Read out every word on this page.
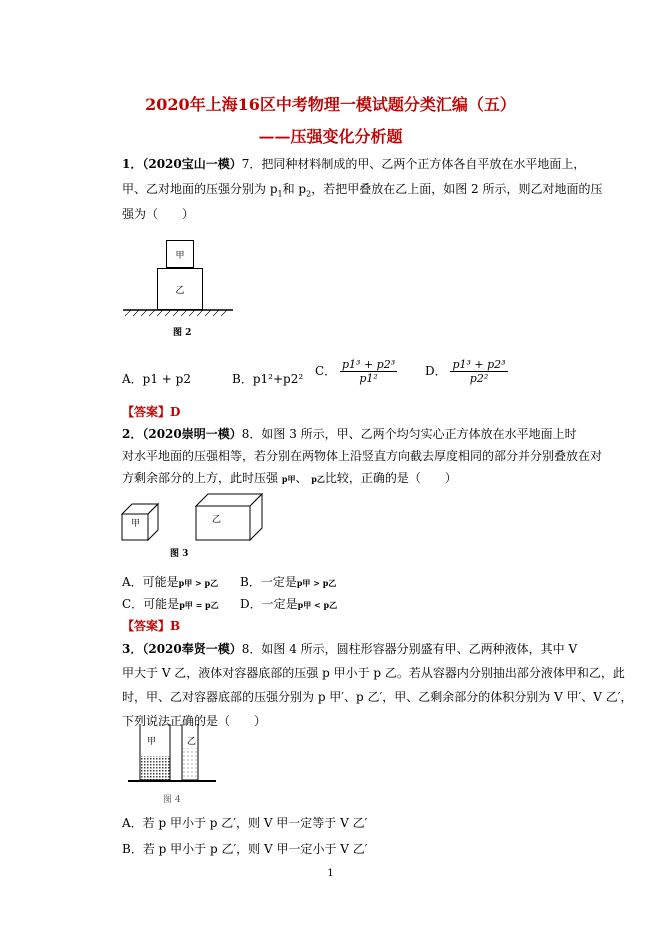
2020年上海16区中考物理一模试题分类汇编（五）
——压强变化分析题
1．（2020宝山一模）7．把同种材料制成的甲、乙两个正方体各自平放在水平地面上，
甲、乙对地面的压强分别为 $p_1$和 $p_2$，若把甲叠放在乙上面，如图 2 所示，则乙对地面的压
强为（　　）
甲
乙
图 2
A．p1 + p2	B．p1²+p2²
C． $\frac{\text{p1³ + p2³}}{\text{p1²}}$ D． $\frac{\text{p1³ + p2³}}{\text{p2²}}$
【答案】D
2．（2020崇明一模）8．如图 3 所示，甲、乙两个均匀实心正方体放在水平地面上时
对水平地面的压强相等，若分别在两物体上沿竖直方向截去厚度相同的部分并分别叠放在对
方剩余部分的上方，此时压强 p甲、 p乙比较，正确的是（　　）
甲	乙
图 3
A．可能是p甲 > p乙 B．一定是p甲 > p乙
C．可能是p甲 = p乙 D．一定是p甲 < p乙
【答案】B
3．（2020奉贤一模）8．如图 4 所示，圆柱形容器分别盛有甲、乙两种液体，其中 V
甲大于 V 乙，液体对容器底部的压强 p 甲小于 p 乙。若从容器内分别抽出部分液体甲和乙，此
时，甲、乙对容器底部的压强分别为 p 甲′、p 乙′，甲、乙剩余部分的体积分别为 V 甲′、V 乙′，
下列说法正确的是（　　）
甲	乙
图 4
A．若 p 甲小于 p 乙′，则 V 甲一定等于 V 乙′
B．若 p 甲小于 p 乙′，则 V 甲一定小于 V 乙′
1
